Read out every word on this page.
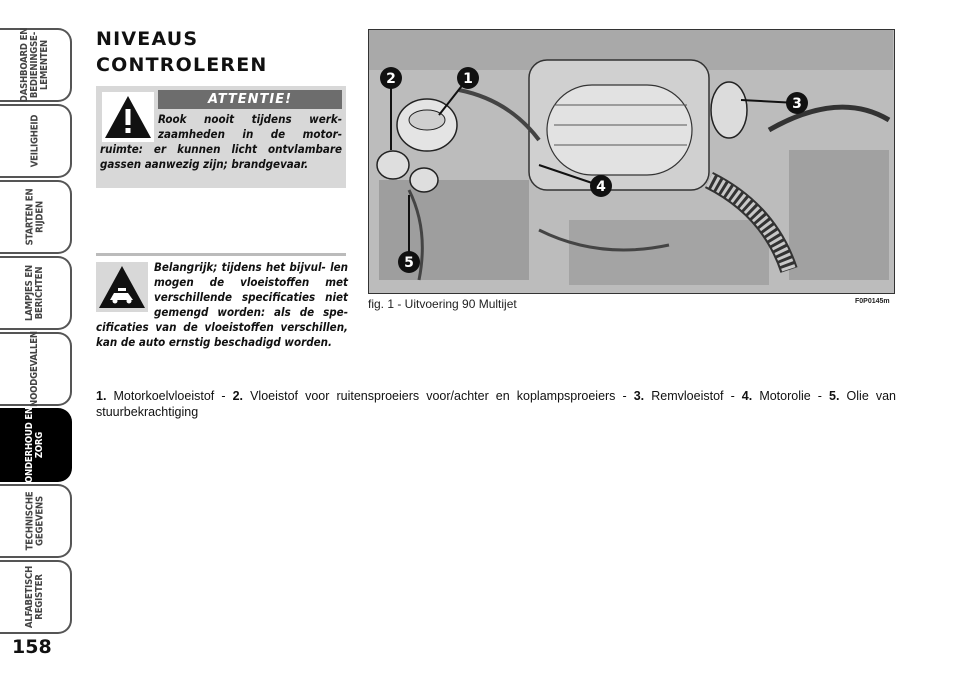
DASHBOARD EN
BEDIENINGSE-
LEMENTEN
VEILIGHEID
STARTEN EN
RIJDEN
LAMPJES EN
BERICHTEN
NOODGEVALLEN
ONDERHOUD EN
ZORG
TECHNISCHE
GEGEVENS
ALFABETISCH
REGISTER
158
NIVEAUS
CONTROLEREN
ATTENTIE!
Rook nooit tijdens werk- zaamheden in de motor- ruimte: er kunnen licht ontvlambare gassen aanwezig zijn; brandgevaar.
Belangrijk; tijdens het bijvul- len mogen de vloeistoffen met verschillende specificaties niet gemengd worden: als de spe- cificaties van de vloeistoffen verschillen, kan de auto ernstig beschadigd worden.
1
2
3
4
5
fig. 1 - Uitvoering 90 Multijet	F0P0145m
1. Motorkoelvloeistof - 2. Vloeistof voor ruitensproeiers voor/achter en koplampsproeiers - 3. Remvloeistof - 4. Motorolie - 5. Olie van stuurbekrachtiging
